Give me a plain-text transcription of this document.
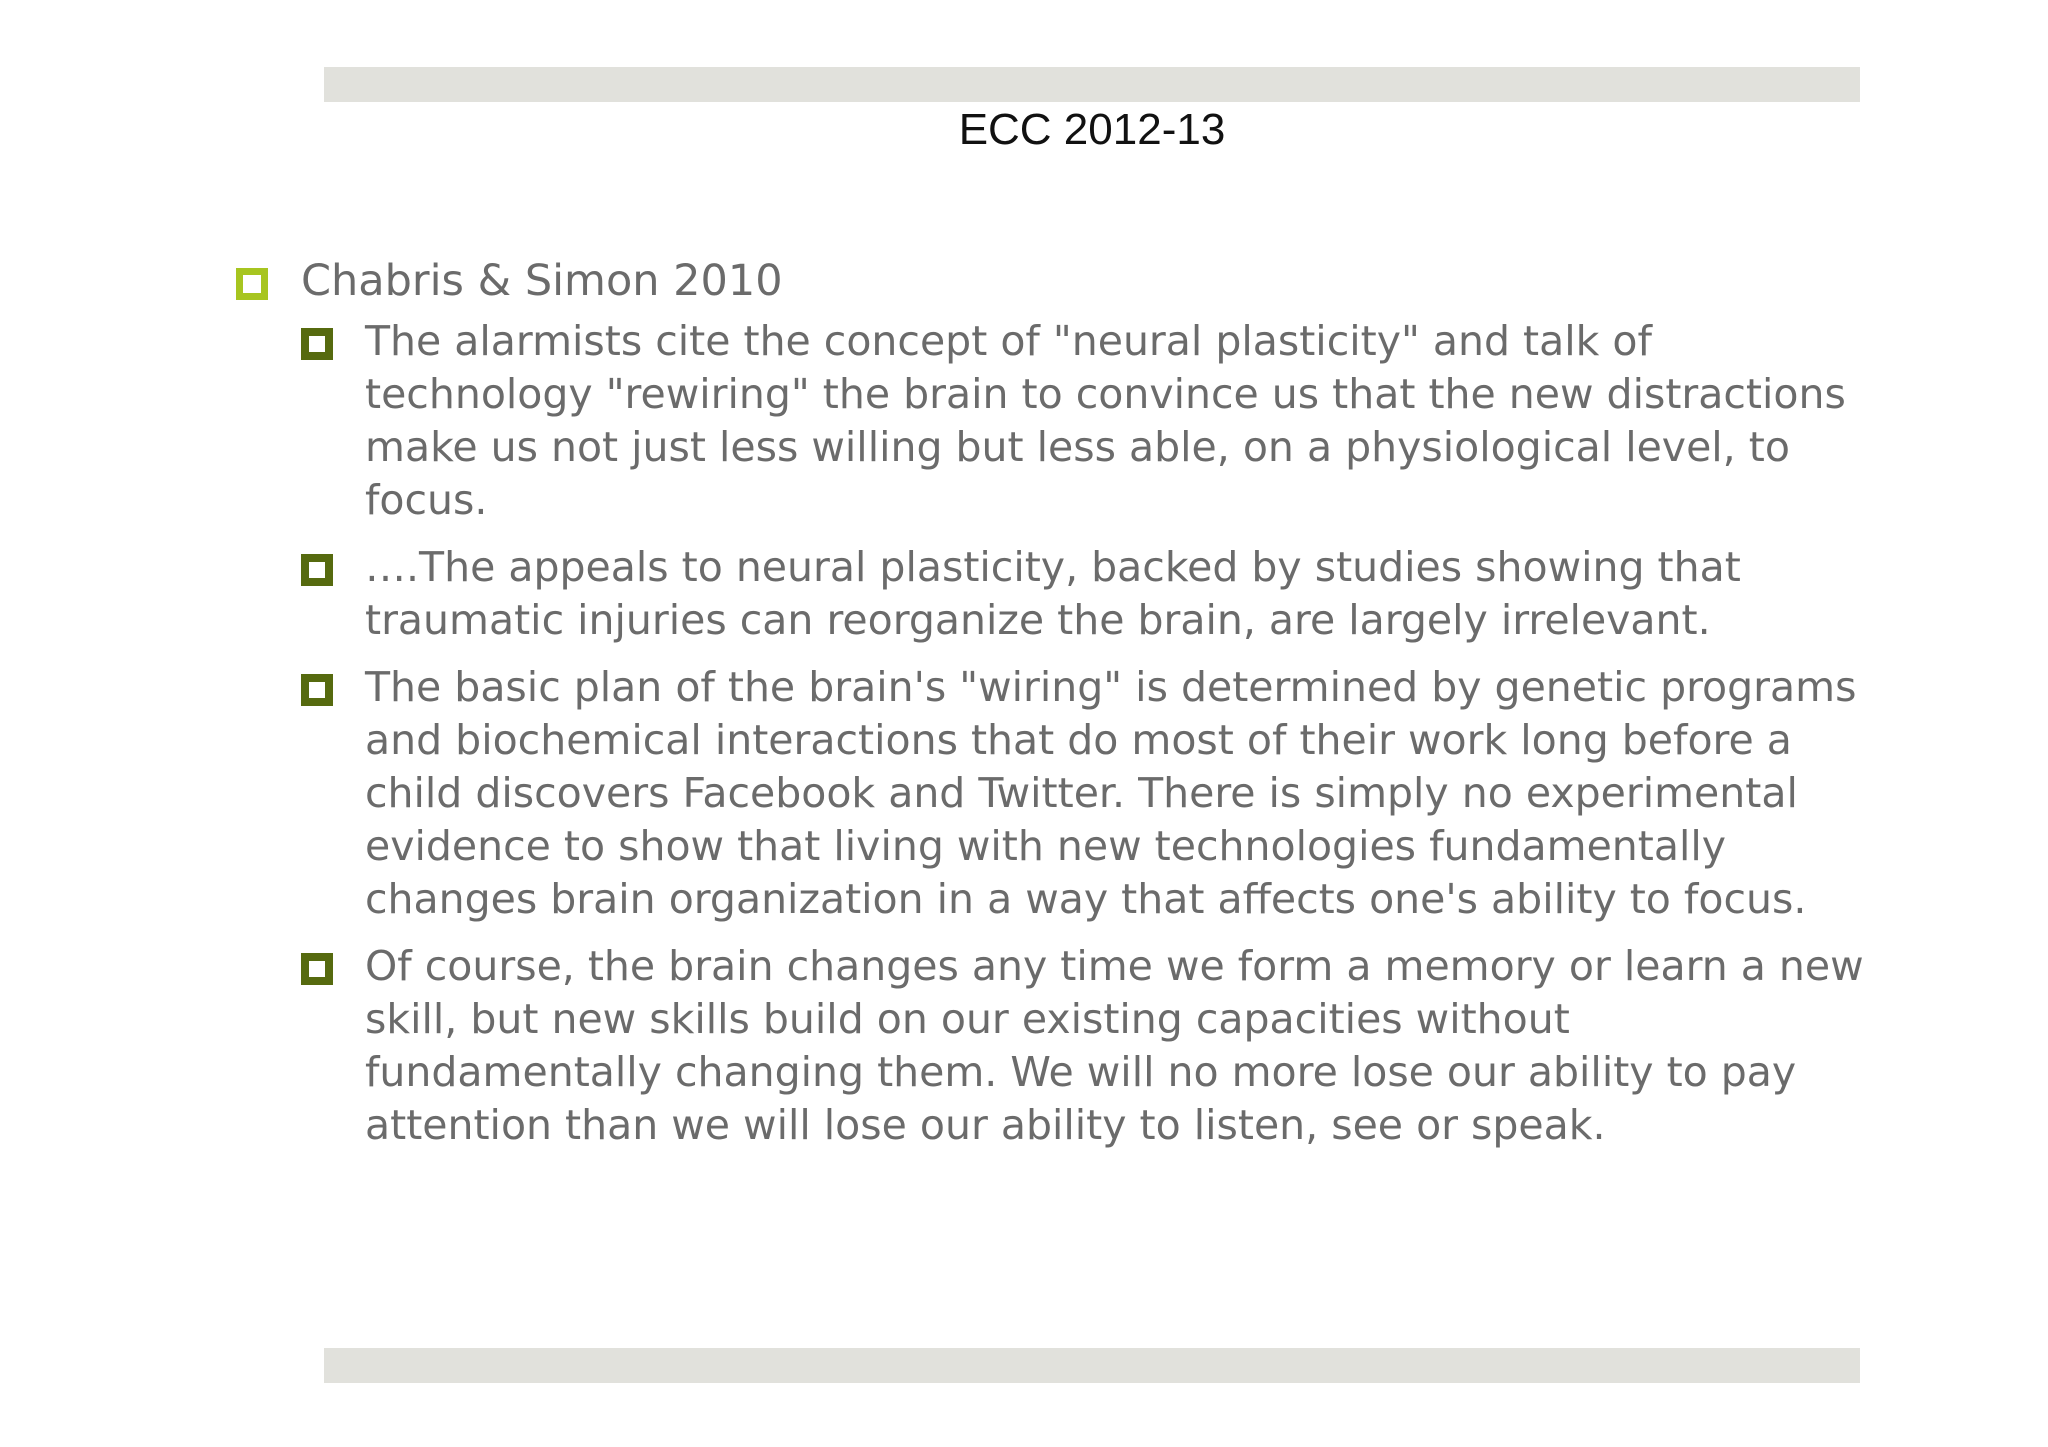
ECC 2012-13
Chabris & Simon 2010
The alarmists cite the concept of "neural plasticity" and talk of technology "rewiring" the brain to convince us that the new distractions make us not just less willing but less able, on a physiological level, to focus.
….The appeals to neural plasticity, backed by studies showing that traumatic injuries can reorganize the brain, are largely irrelevant.
The basic plan of the brain's "wiring" is determined by genetic programs and biochemical interactions that do most of their work long before a child discovers Facebook and Twitter. There is simply no experimental evidence to show that living with new technologies fundamentally changes brain organization in a way that affects one's ability to focus.
Of course, the brain changes any time we form a memory or learn a new skill, but new skills build on our existing capacities without fundamentally changing them. We will no more lose our ability to pay attention than we will lose our ability to listen, see or speak.
